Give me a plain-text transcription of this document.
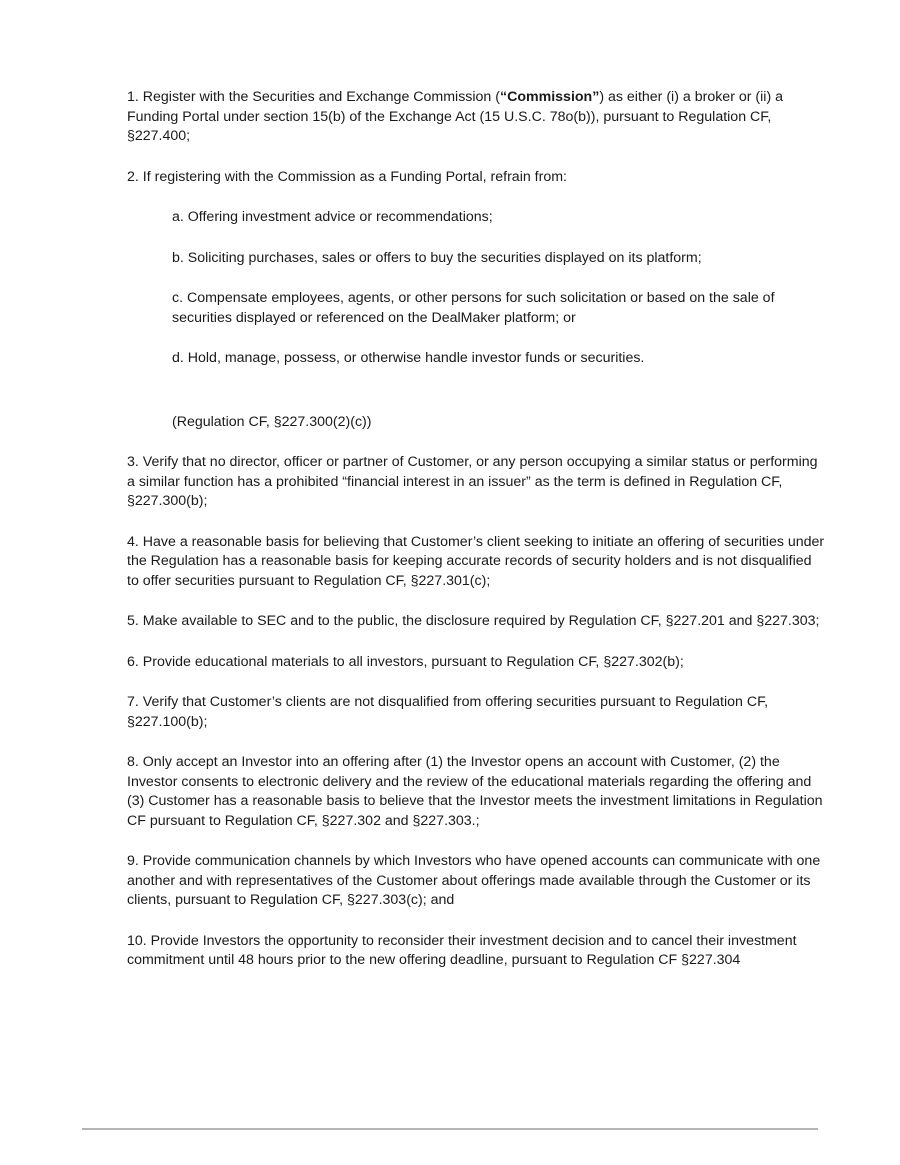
1. Register with the Securities and Exchange Commission (“Commission”) as either (i) a broker or (ii) a Funding Portal under section 15(b) of the Exchange Act (15 U.S.C. 78o(b)), pursuant to Regulation CF, §227.400;

2. If registering with the Commission as a Funding Portal, refrain from:

a. Offering investment advice or recommendations;

b. Soliciting purchases, sales or offers to buy the securities displayed on its platform;

c. Compensate employees, agents, or other persons for such solicitation or based on the sale of securities displayed or referenced on the DealMaker platform; or

d. Hold, manage, possess, or otherwise handle investor funds or securities.

(Regulation CF, §227.300(2)(c))

3. Verify that no director, officer or partner of Customer, or any person occupying a similar status or performing a similar function has a prohibited “financial interest in an issuer” as the term is defined in Regulation CF, §227.300(b);

4. Have a reasonable basis for believing that Customer’s client seeking to initiate an offering of securities under the Regulation has a reasonable basis for keeping accurate records of security holders and is not disqualified to offer securities pursuant to Regulation CF, §227.301(c);

5. Make available to SEC and to the public, the disclosure required by Regulation CF, §227.201 and §227.303;

6. Provide educational materials to all investors, pursuant to Regulation CF, §227.302(b);

7. Verify that Customer’s clients are not disqualified from offering securities pursuant to Regulation CF, §227.100(b);

8. Only accept an Investor into an offering after (1) the Investor opens an account with Customer, (2) the Investor consents to electronic delivery and the review of the educational materials regarding the offering and (3) Customer has a reasonable basis to believe that the Investor meets the investment limitations in Regulation CF pursuant to Regulation CF, §227.302 and §227.303.;

9. Provide communication channels by which Investors who have opened accounts can communicate with one another and with representatives of the Customer about offerings made available through the Customer or its clients, pursuant to Regulation CF, §227.303(c); and

10. Provide Investors the opportunity to reconsider their investment decision and to cancel their investment commitment until 48 hours prior to the new offering deadline, pursuant to Regulation CF §227.304
